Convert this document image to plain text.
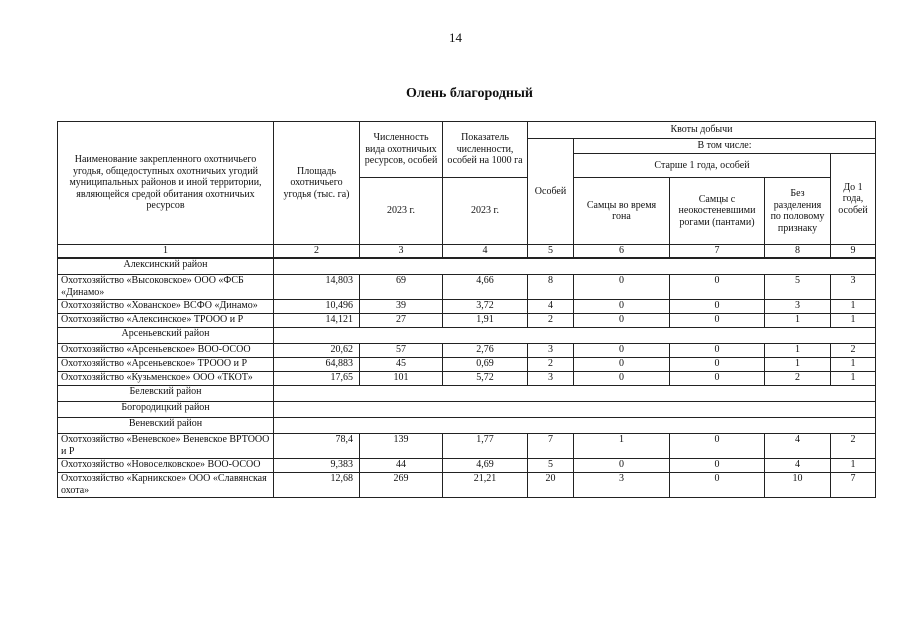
14
Олень благородный
Наименование закрепленного охотничьего угодья, общедоступных охотничьих угодий муниципальных районов и иной территории, являющейся средой обитания охотничьих ресурсов	Площадь охотничьего угодья (тыс. га)	Численность вида охотничьих ресурсов, особей	Показатель численности, особей на 1000 га	Квоты добычи				
				Особей	В том числе:			
					Старше 1 года, особей			До 1 года, особей
		2023 г.	2023 г.		Самцы во время гона	Самцы с неокостеневшими рогами (пантами)	Без разделения по половому признаку	
1	2	3	4	5	6	7	8	9
Алексинский район								
Охотхозяйство «Высоковское» ООО «ФСБ «Динамо»	14,803	69	4,66	8	0	0	5	3
Охотхозяйство «Хованское» ВСФО «Динамо»	10,496	39	3,72	4	0	0	3	1
Охотхозяйство «Алексинское» ТРООО и Р	14,121	27	1,91	2	0	0	1	1
Арсеньевский район								
Охотхозяйство «Арсеньевское» ВОО-ОСОО	20,62	57	2,76	3	0	0	1	2
Охотхозяйство «Арсеньевское» ТРООО и Р	64,883	45	0,69	2	0	0	1	1
Охотхозяйство «Кузьменское» ООО «ТКОТ»	17,65	101	5,72	3	0	0	2	1
Белевский район								
Богородицкий район								
Веневский район								
Охотхозяйство «Веневское» Веневское ВРТООО и Р	78,4	139	1,77	7	1	0	4	2
Охотхозяйство «Новоселковское» ВОО-ОСОО	9,383	44	4,69	5	0	0	4	1
Охотхозяйство «Карникское» ООО «Славянская охота»	12,68	269	21,21	20	3	0	10	7
